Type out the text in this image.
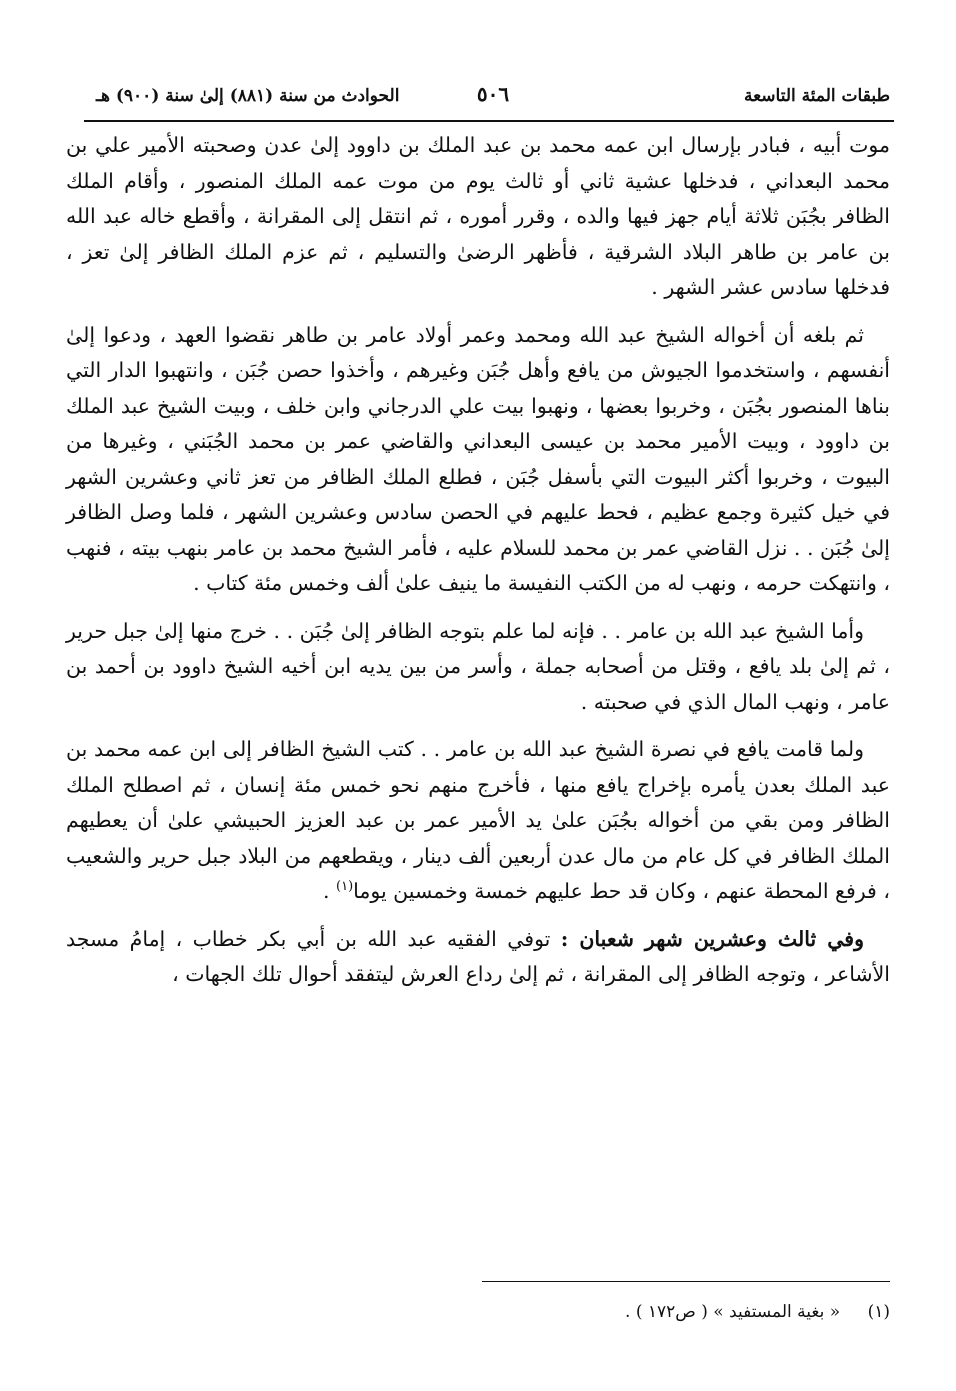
طبقات المئة التاسعة
٥٠٦
الحوادث من سنة (٨٨١) إلىٰ سنة (٩٠٠) هـ

موت أبيه ، فبادر بإرسال ابن عمه محمد بن عبد الملك بن داوود إلىٰ عدن وصحبته الأمير علي بن محمد البعداني ، فدخلها عشية ثاني أو ثالث يوم من موت عمه الملك المنصور ، وأقام الملك الظافر بجُبَن ثلاثة أيام جهز فيها والده ، وقرر أموره ، ثم انتقل إلى المقرانة ، وأقطع خاله عبد الله بن عامر بن طاهر البلاد الشرقية ، فأظهر الرضىٰ والتسليم ، ثم عزم الملك الظافر إلىٰ تعز ، فدخلها سادس عشر الشهر .

ثم بلغه أن أخواله الشيخ عبد الله ومحمد وعمر أولاد عامر بن طاهر نقضوا العهد ، ودعوا إلىٰ أنفسهم ، واستخدموا الجيوش من يافع وأهل جُبَن وغيرهم ، وأخذوا حصن جُبَن ، وانتهبوا الدار التي بناها المنصور بجُبَن ، وخربوا بعضها ، ونهبوا بيت علي الدرجاني وابن خلف ، وبيت الشيخ عبد الملك بن داوود ، وبيت الأمير محمد بن عيسى البعداني والقاضي عمر بن محمد الجُبَني ، وغيرها من البيوت ، وخربوا أكثر البيوت التي بأسفل جُبَن ، فطلع الملك الظافر من تعز ثاني وعشرين الشهر في خيل كثيرة وجمع عظيم ، فحط عليهم في الحصن سادس وعشرين الشهر ، فلما وصل الظافر إلىٰ جُبَن . . نزل القاضي عمر بن محمد للسلام عليه ، فأمر الشيخ محمد بن عامر بنهب بيته ، فنهب ، وانتهكت حرمه ، ونهب له من الكتب النفيسة ما ينيف علىٰ ألف وخمس مئة كتاب .

وأما الشيخ عبد الله بن عامر . . فإنه لما علم بتوجه الظافر إلىٰ جُبَن . . خرج منها إلىٰ جبل حرير ، ثم إلىٰ بلد يافع ، وقتل من أصحابه جملة ، وأسر من بين يديه ابن أخيه الشيخ داوود بن أحمد بن عامر ، ونهب المال الذي في صحبته .

ولما قامت يافع في نصرة الشيخ عبد الله بن عامر . . كتب الشيخ الظافر إلى ابن عمه محمد بن عبد الملك بعدن يأمره بإخراج يافع منها ، فأخرج منهم نحو خمس مئة إنسان ، ثم اصطلح الملك الظافر ومن بقي من أخواله بجُبَن علىٰ يد الأمير عمر بن عبد العزيز الحبيشي علىٰ أن يعطيهم الملك الظافر في كل عام من مال عدن أربعين ألف دينار ، ويقطعهم من البلاد جبل حرير والشعيب ، فرفع المحطة عنهم ، وكان قد حط عليهم خمسة وخمسين يوما$^{(١)}$ .

وفي ثالث وعشرين شهر شعبان : توفي الفقيه عبد الله بن أبي بكر خطاب ، إمامُ مسجد الأشاعر ، وتوجه الظافر إلى المقرانة ، ثم إلىٰ رداع العرش ليتفقد أحوال تلك الجهات ،

(١) « بغية المستفيد » ( ص١٧٢ ) .
